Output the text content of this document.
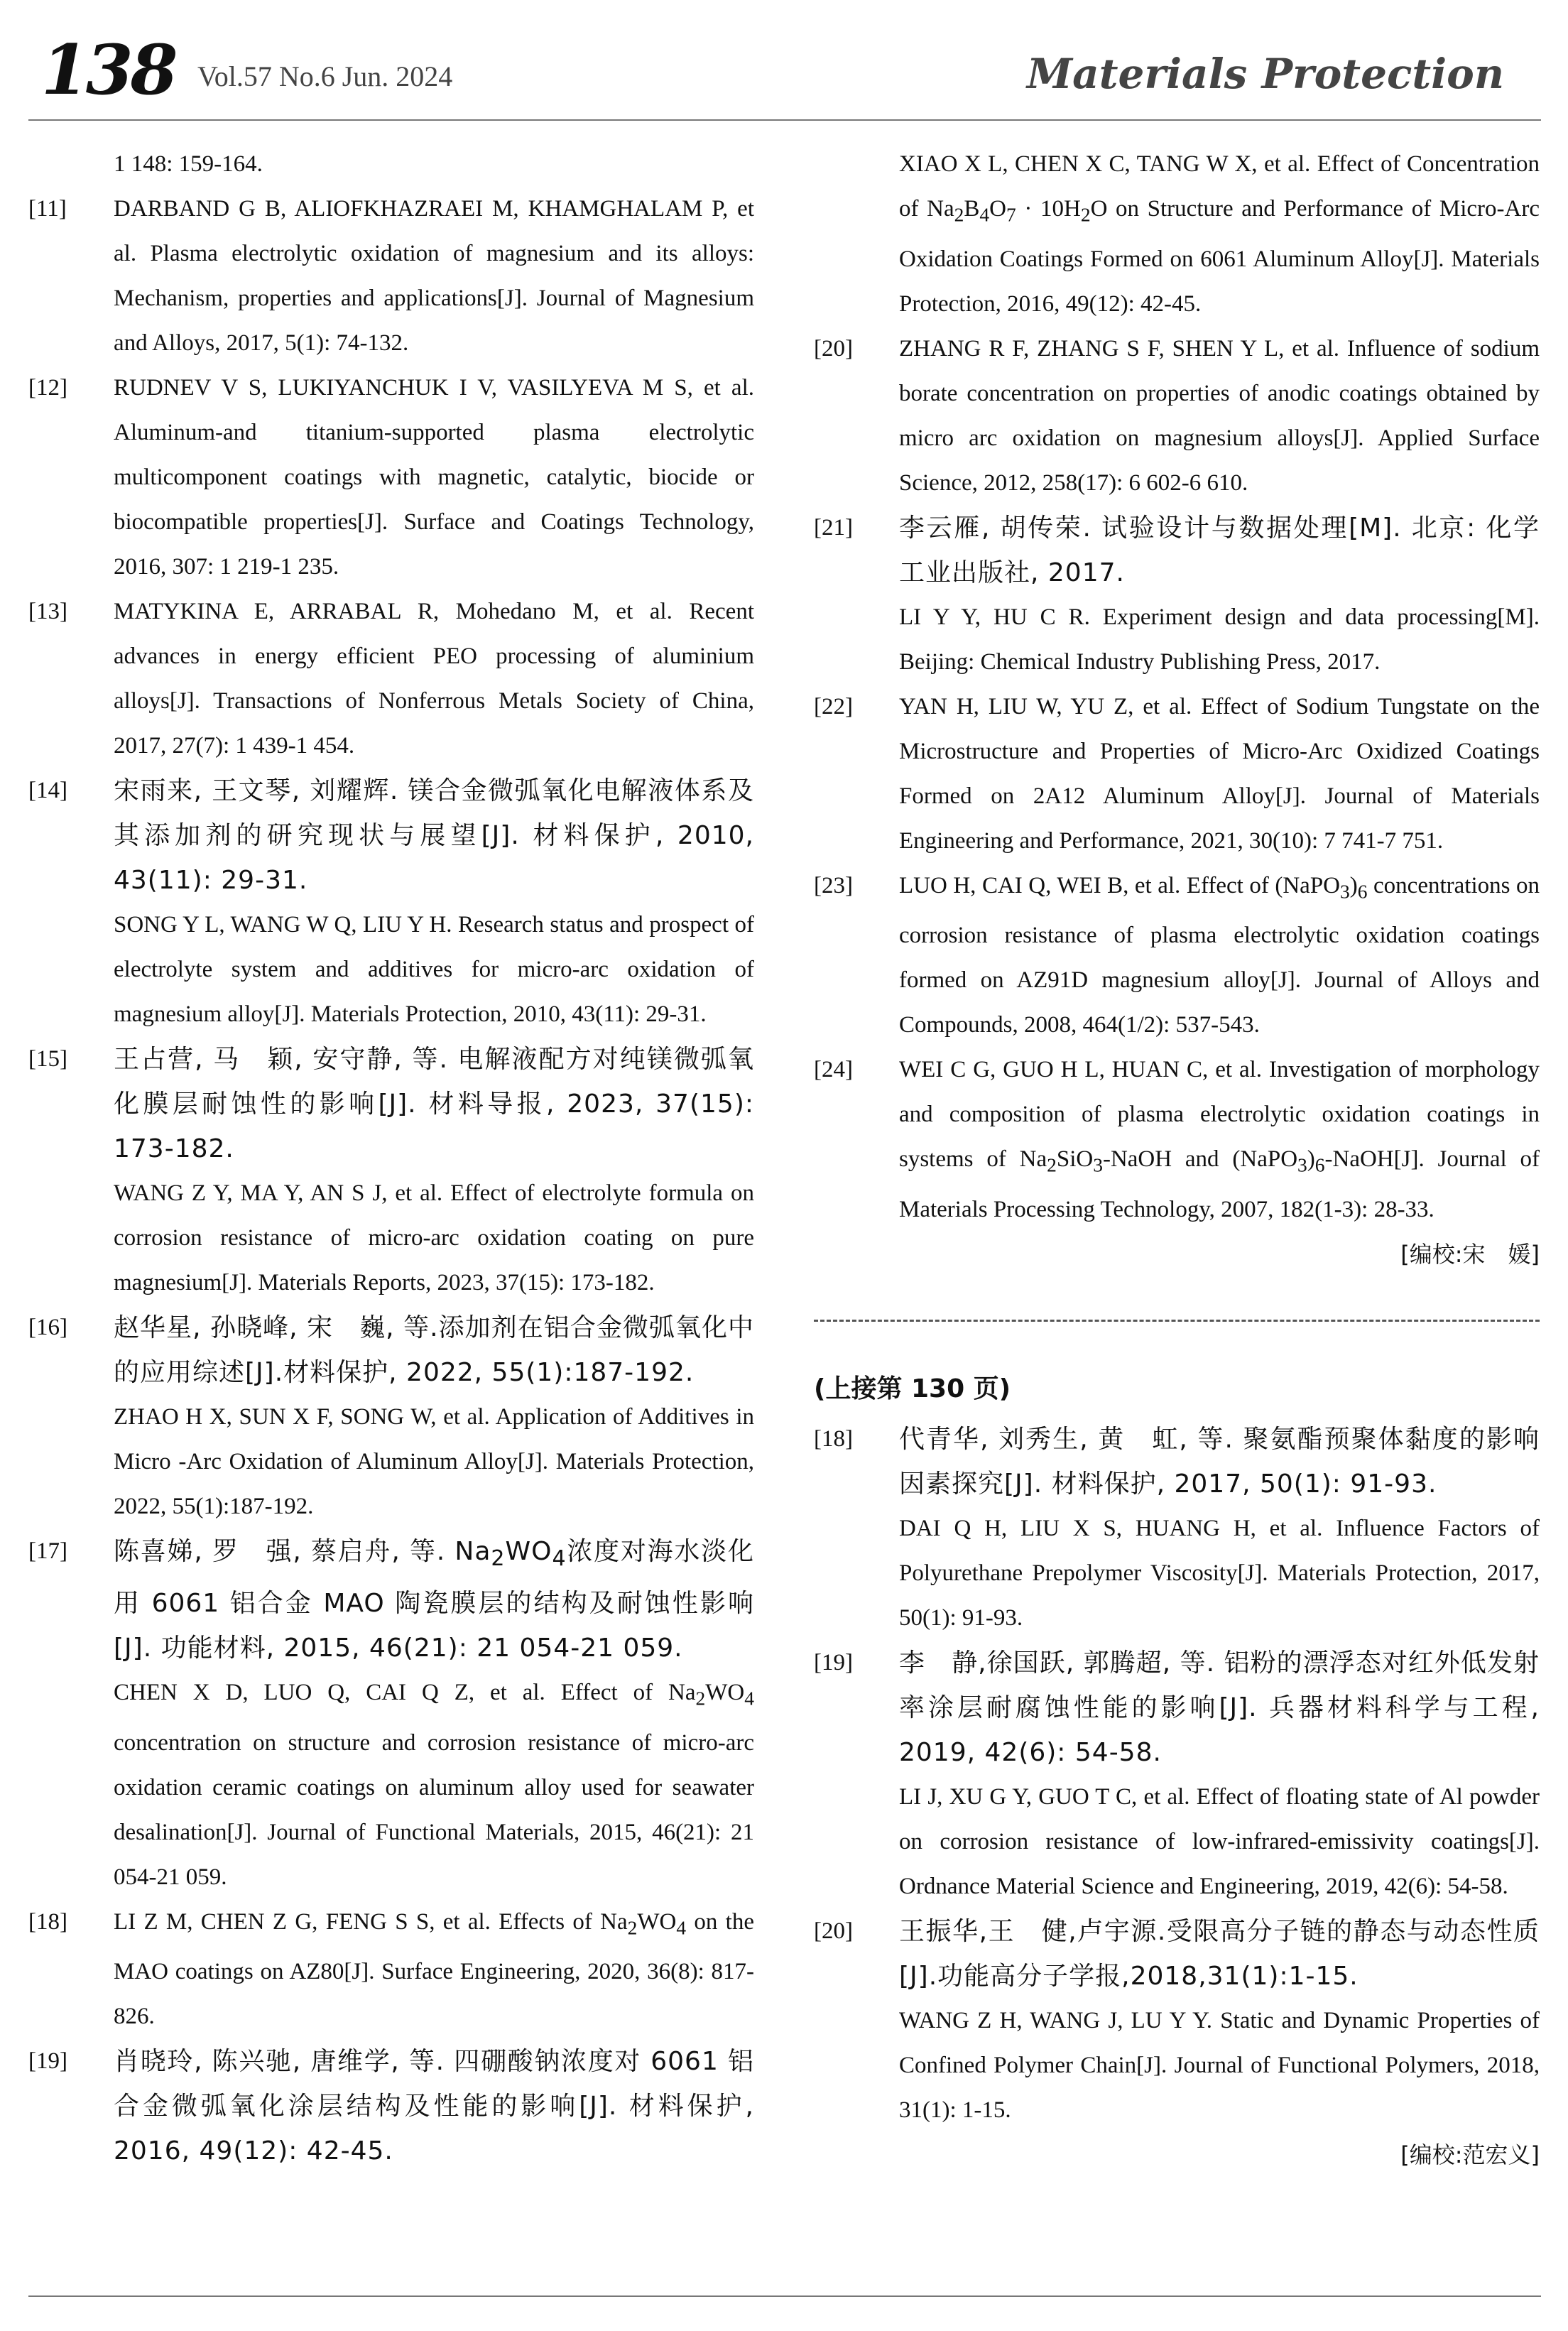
138 Vol.57 No.6 Jun. 2024	Materials Protection

1 148: 159-164.

[11]	DARBAND G B, ALIOFKHAZRAEI M, KHAMGHALAM P, et al. Plasma electrolytic oxidation of magnesium and its alloys: Mechanism, properties and applications[J]. Journal of Magnesium and Alloys, 2017, 5(1): 74-132.

[12]	RUDNEV V S, LUKIYANCHUK I V, VASILYEVA M S, et al. Aluminum-and titanium-supported plasma electrolytic multicomponent coatings with magnetic, catalytic, biocide or biocompatible properties[J]. Surface and Coatings Technology, 2016, 307: 1 219-1 235.

[13]	MATYKINA E, ARRABAL R, Mohedano M, et al. Recent advances in energy efficient PEO processing of aluminium alloys[J]. Transactions of Nonferrous Metals Society of China, 2017, 27(7): 1 439-1 454.

[14]	宋雨来, 王文琴, 刘耀辉. 镁合金微弧氧化电解液体系及其添加剂的研究现状与展望[J]. 材料保护, 2010, 43(11): 29-31.

SONG Y L, WANG W Q, LIU Y H. Research status and prospect of electrolyte system and additives for micro-arc oxidation of magnesium alloy[J]. Materials Protection, 2010, 43(11): 29-31.

[15]	王占营, 马　颖, 安守静, 等. 电解液配方对纯镁微弧氧化膜层耐蚀性的影响[J]. 材料导报, 2023, 37(15): 173-182.

WANG Z Y, MA Y, AN S J, et al. Effect of electrolyte formula on corrosion resistance of micro-arc oxidation coating on pure magnesium[J]. Materials Reports, 2023, 37(15): 173-182.

[16]	赵华星, 孙晓峰, 宋　巍, 等.添加剂在铝合金微弧氧化中的应用综述[J].材料保护, 2022, 55(1):187-192.

ZHAO H X, SUN X F, SONG W, et al. Application of Additives in Micro -Arc Oxidation of Aluminum Alloy[J]. Materials Protection, 2022, 55(1):187-192.

[17]	陈喜娣, 罗　强, 蔡启舟, 等. $Na_2WO_4$浓度对海水淡化用 6061 铝合金 MAO 陶瓷膜层的结构及耐蚀性影响[J]. 功能材料, 2015, 46(21): 21 054-21 059.

CHEN X D, LUO Q, CAI Q Z, et al. Effect of $Na_2WO_4$ concentration on structure and corrosion resistance of micro-arc oxidation ceramic coatings on aluminum alloy used for seawater desalination[J]. Journal of Functional Materials, 2015, 46(21): 21 054-21 059.

[18]	LI Z M, CHEN Z G, FENG S S, et al. Effects of $Na_2WO_4$ on the MAO coatings on AZ80[J]. Surface Engineering, 2020, 36(8): 817-826.

[19]	肖晓玲, 陈兴驰, 唐维学, 等. 四硼酸钠浓度对 6061 铝合金微弧氧化涂层结构及性能的影响[J]. 材料保护, 2016, 49(12): 42-45.

XIAO X L, CHEN X C, TANG W X, et al. Effect of Concentration of $Na_2B_4O_7 \cdot 10H_2O$ on Structure and Performance of Micro-Arc Oxidation Coatings Formed on 6061 Aluminum Alloy[J]. Materials Protection, 2016, 49(12): 42-45.

[20]	ZHANG R F, ZHANG S F, SHEN Y L, et al. Influence of sodium borate concentration on properties of anodic coatings obtained by micro arc oxidation on magnesium alloys[J]. Applied Surface Science, 2012, 258(17): 6 602-6 610.

[21]	李云雁, 胡传荣. 试验设计与数据处理[M]. 北京: 化学工业出版社, 2017.

LI Y Y, HU C R. Experiment design and data processing[M]. Beijing: Chemical Industry Publishing Press, 2017.

[22]	YAN H, LIU W, YU Z, et al. Effect of Sodium Tungstate on the Microstructure and Properties of Micro-Arc Oxidized Coatings Formed on 2A12 Aluminum Alloy[J]. Journal of Materials Engineering and Performance, 2021, 30(10): 7 741-7 751.

[23]	LUO H, CAI Q, WEI B, et al. Effect of $(NaPO_3)_6$ concentrations on corrosion resistance of plasma electrolytic oxidation coatings formed on AZ91D magnesium alloy[J]. Journal of Alloys and Compounds, 2008, 464(1/2): 537-543.

[24]	WEI C G, GUO H L, HUAN C, et al. Investigation of morphology and composition of plasma electrolytic oxidation coatings in systems of $Na_2SiO_3$-NaOH and $(NaPO_3)_6-NaOH[J]$. Journal of Materials Processing Technology, 2007, 182(1-3): 28-33.

[编校:宋　媛]

(上接第 130 页)

[18]	代青华, 刘秀生, 黄　虹, 等. 聚氨酯预聚体黏度的影响因素探究[J]. 材料保护, 2017, 50(1): 91-93.

DAI Q H, LIU X S, HUANG H, et al. Influence Factors of Polyurethane Prepolymer Viscosity[J]. Materials Protection, 2017, 50(1): 91-93.

[19]	李　静,徐国跃, 郭腾超, 等. 铝粉的漂浮态对红外低发射率涂层耐腐蚀性能的影响[J]. 兵器材料科学与工程, 2019, 42(6): 54-58.

LI J, XU G Y, GUO T C, et al. Effect of floating state of Al powder on corrosion resistance of low-infrared-emissivity coatings[J]. Ordnance Material Science and Engineering, 2019, 42(6): 54-58.

[20]	王振华,王　健,卢宇源.受限高分子链的静态与动态性质[J].功能高分子学报,2018,31(1):1-15.

WANG Z H, WANG J, LU Y Y. Static and Dynamic Properties of Confined Polymer Chain[J]. Journal of Functional Polymers, 2018, 31(1): 1-15.

[编校:范宏义]
